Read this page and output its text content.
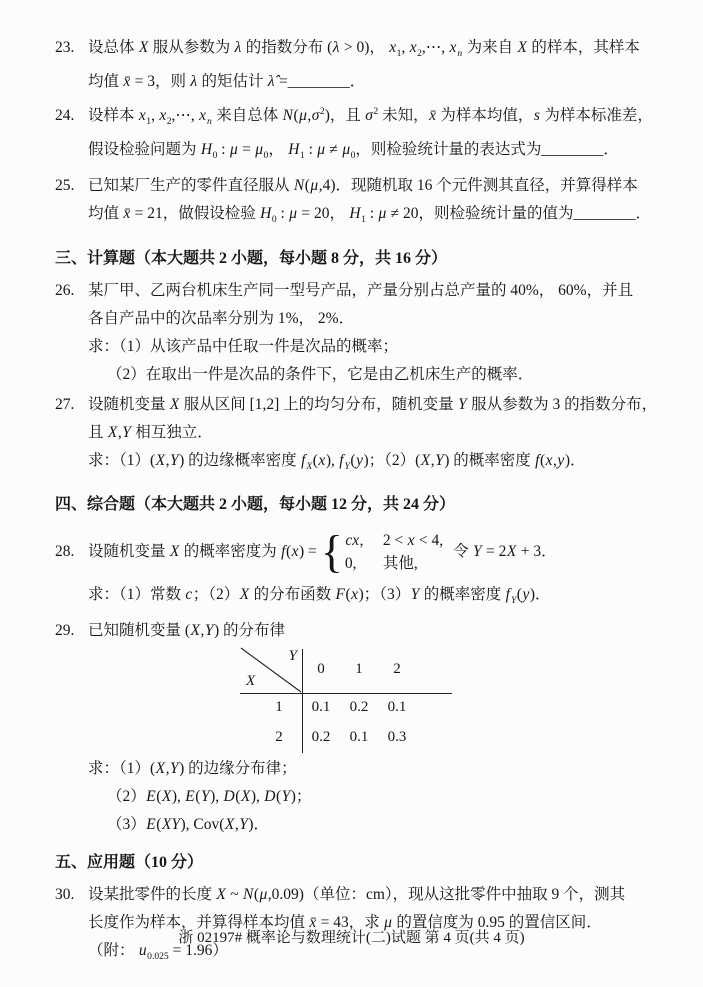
23. 设总体 X 服从参数为 λ 的指数分布 (λ > 0)， $x_1$, $x_2,\cdots$, $x_n$ 为来自 X 的样本，其样本
均值 x̄ = 3，则 λ 的矩估计 λ̂ =________．
24. 设样本 $x_1$, $x_2,\cdots$, $x_n$ 来自总体 $N(\mu,\sigma^2)$，且 $\sigma^2$ 未知，x̄ 为样本均值，s 为样本标准差，
假设检验问题为 $H_0$ : $\mu = \mu_0$， $H_1$ : $\mu \ne \mu_0$，则检验统计量的表达式为________．
25. 已知某厂生产的零件直径服从 N(μ,4)．现随机取 16 个元件测其直径，并算得样本
均值 x̄ = 21，做假设检验 $H_0$ : μ = 20， $H_1$ : μ ≠ 20，则检验统计量的值为________．
三、计算题（本大题共 2 小题，每小题 8 分，共 16 分）
26. 某厂甲、乙两台机床生产同一型号产品，产量分别占总产量的 40%， 60%，并且
各自产品中的次品率分别为 1%， 2%．
求：（1）从该产品中任取一件是次品的概率；
（2）在取出一件是次品的条件下，它是由乙机床生产的概率．
27. 设随机变量 X 服从区间 [1,2] 上的均匀分布，随机变量 Y 服从参数为 3 的指数分布，
且 X,Y 相互独立．
求：（1）(X,Y) 的边缘概率密度 $f_X(x)$, $f_Y(y)$；（2）(X,Y) 的概率密度 f(x,y)．
四、综合题（本大题共 2 小题，每小题 12 分，共 24 分）
28. 设随机变量 X 的概率密度为 f(x) = { cx,	2 < x < 4,
0,	其他,
令 Y = 2X + 3．
求：（1）常数 c；（2）X 的分布函数 F(x)；（3）Y 的概率密度 $f_Y(y)$．
29. 已知随机变量 (X,Y) 的分布律
Y
X
0	1	2
1	0.1	0.2	0.1
2	0.2	0.1	0.3
求：（1）(X,Y) 的边缘分布律；
（2）E(X), E(Y), D(X), D(Y)；
（3）E(XY), Cov(X,Y)．
五、应用题（10 分）
30. 设某批零件的长度 X ~ N(μ,0.09)（单位：cm），现从这批零件中抽取 9 个，测其
长度作为样本，并算得样本均值 x̄ = 43，求 μ 的置信度为 0.95 的置信区间．
（附： $u_{0.025} = 1.96$）
浙 02197# 概率论与数理统计(二)试题 第 4 页(共 4 页)
